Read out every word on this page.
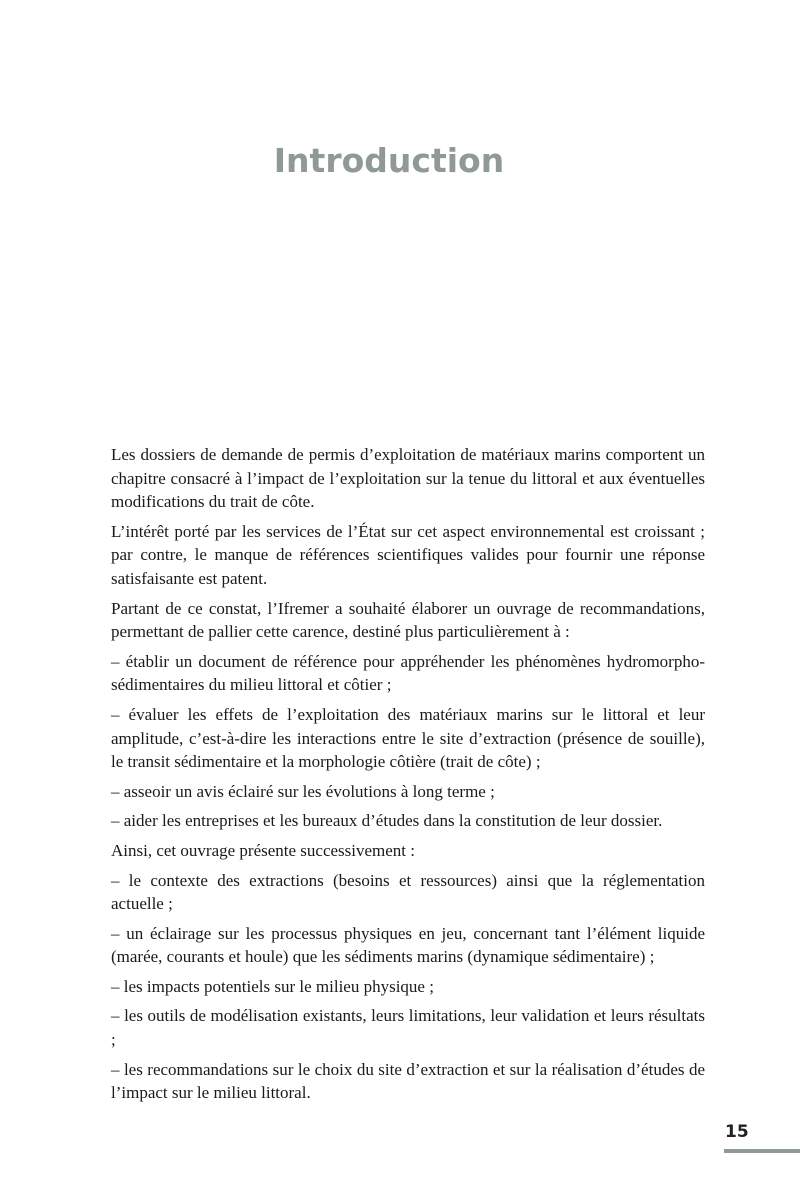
Introduction

Les dossiers de demande de permis d’exploitation de matériaux marins comportent un chapitre consacré à l’impact de l’exploitation sur la tenue du littoral et aux éventuelles modifications du trait de côte.

L’intérêt porté par les services de l’État sur cet aspect environnemental est croissant ; par contre, le manque de références scientifiques valides pour fournir une réponse satisfaisante est patent.

Partant de ce constat, l’Ifremer a souhaité élaborer un ouvrage de recommandations, permettant de pallier cette carence, destiné plus particulièrement à :

– établir un document de référence pour appréhender les phénomènes hydromorpho-sédimentaires du milieu littoral et côtier ;

– évaluer les effets de l’exploitation des matériaux marins sur le littoral et leur amplitude, c’est-à-dire les interactions entre le site d’extraction (présence de souille), le transit sédimentaire et la morphologie côtière (trait de côte) ;

– asseoir un avis éclairé sur les évolutions à long terme ;

– aider les entreprises et les bureaux d’études dans la constitution de leur dossier.

Ainsi, cet ouvrage présente successivement :

– le contexte des extractions (besoins et ressources) ainsi que la réglementation actuelle ;

– un éclairage sur les processus physiques en jeu, concernant tant l’élément liquide (marée, courants et houle) que les sédiments marins (dynamique sédimentaire) ;

– les impacts potentiels sur le milieu physique ;

– les outils de modélisation existants, leurs limitations, leur validation et leurs résultats ;

– les recommandations sur le choix du site d’extraction et sur la réalisation d’études de l’impact sur le milieu littoral.

15
